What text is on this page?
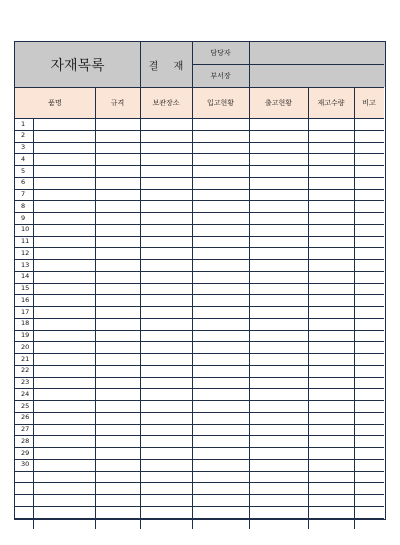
자재목록	결 재
담당자
부서장
품명	규격	보관장소	입고현황	출고현황	재고수량	비고
1
2
3
4
5
6
7
8
9
10
11
12
13
14
15
16
17
18
19
20
21
22
23
24
25
26
27
28
29
30
